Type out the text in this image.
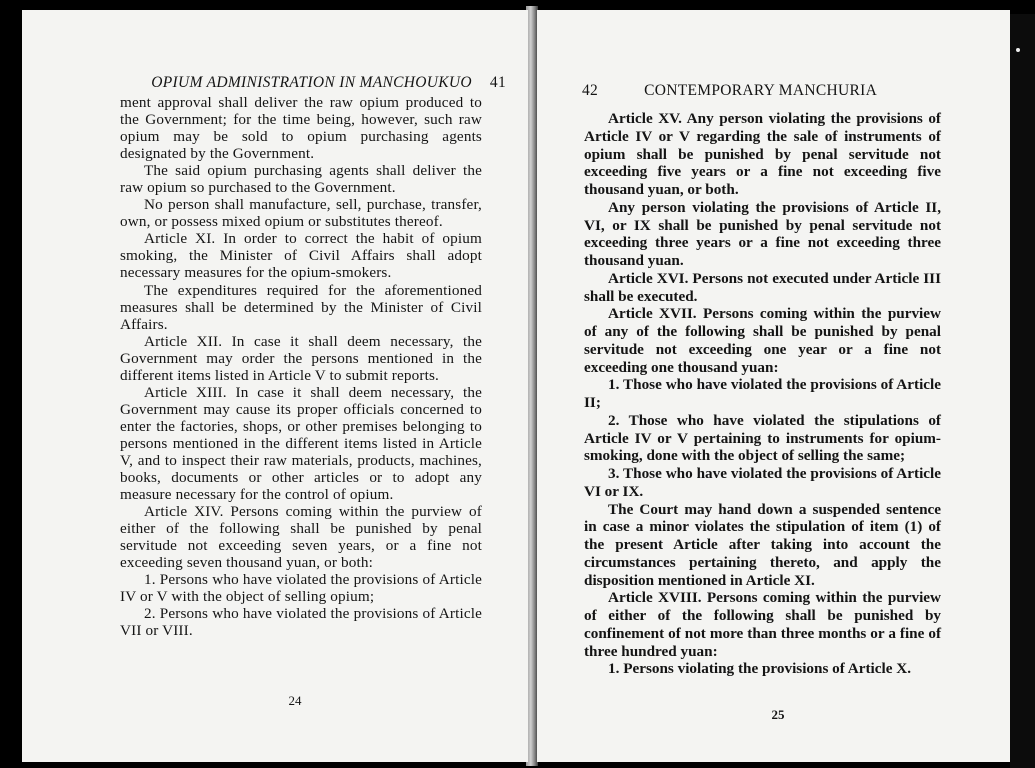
OPIUM ADMINISTRATION IN MANCHOUKUO 41

ment approval shall deliver the raw opium produced to the Government; for the time being, however, such raw opium may be sold to opium purchasing agents designated by the Government.

The said opium purchasing agents shall deliver the raw opium so purchased to the Government.

No person shall manufacture, sell, purchase, transfer, own, or possess mixed opium or substitutes thereof.

Article XI. In order to correct the habit of opium smoking, the Minister of Civil Affairs shall adopt necessary measures for the opium-smokers.

The expenditures required for the aforementioned measures shall be determined by the Minister of Civil Affairs.

Article XII. In case it shall deem necessary, the Government may order the persons mentioned in the different items listed in Article V to submit reports.

Article XIII. In case it shall deem necessary, the Government may cause its proper officials concerned to enter the factories, shops, or other premises belonging to persons mentioned in the different items listed in Article V, and to inspect their raw materials, products, machines, books, documents or other articles or to adopt any measure necessary for the control of opium.

Article XIV. Persons coming within the purview of either of the following shall be punished by penal servitude not exceeding seven years, or a fine not exceeding seven thousand yuan, or both:

1. Persons who have violated the provisions of Article IV or V with the object of selling opium;

2. Persons who have violated the provisions of Article VII or VIII.

24
42	CONTEMPORARY MANCHURIA

Article XV. Any person violating the provisions of Article IV or V regarding the sale of instruments of opium shall be punished by penal servitude not exceeding five years or a fine not exceeding five thousand yuan, or both.

Any person violating the provisions of Article II, VI, or IX shall be punished by penal servitude not exceeding three years or a fine not exceeding three thousand yuan.

Article XVI. Persons not executed under Article III shall be executed.

Article XVII. Persons coming within the purview of any of the following shall be punished by penal servitude not exceeding one year or a fine not exceeding one thousand yuan:

1. Those who have violated the provisions of Article II;

2. Those who have violated the stipulations of Article IV or V pertaining to instruments for opium-smoking, done with the object of selling the same;

3. Those who have violated the provisions of Article VI or IX.

The Court may hand down a suspended sentence in case a minor violates the stipulation of item (1) of the present Article after taking into account the circumstances pertaining thereto, and apply the disposition mentioned in Article XI.

Article XVIII. Persons coming within the purview of either of the following shall be punished by confinement of not more than three months or a fine of three hundred yuan:

1. Persons violating the provisions of Article X.

25
